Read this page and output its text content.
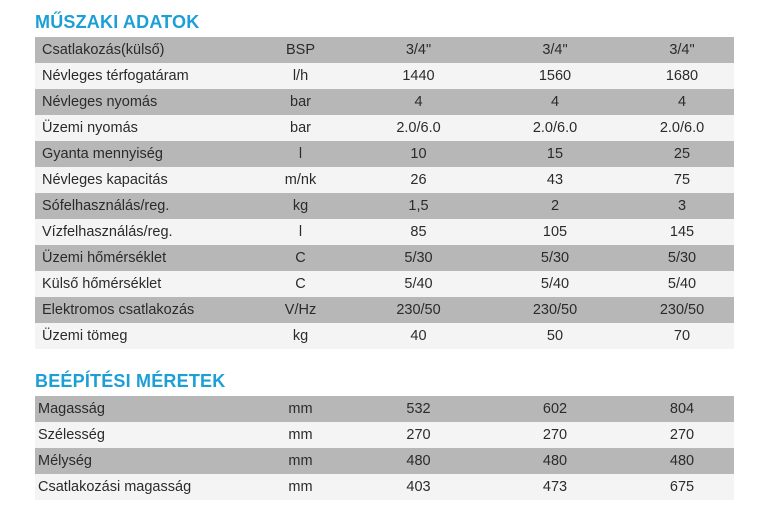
MŰSZAKI ADATOK
Csatlakozás(külső)	BSP	3/4"	3/4"	3/4"
Névleges térfogatáram	l/h	1440	1560	1680
Névleges nyomás	bar	4	4	4
Üzemi nyomás	bar	2.0/6.0	2.0/6.0	2.0/6.0
Gyanta mennyiség	l	10	15	25
Névleges kapacitás	m/nk	26	43	75
Sófelhasználás/reg.	kg	1,5	2	3
Vízfelhasználás/reg.	l	85	105	145
Üzemi hőmérséklet	C	5/30	5/30	5/30
Külső hőmérséklet	C	5/40	5/40	5/40
Elektromos csatlakozás	V/Hz	230/50	230/50	230/50
Üzemi tömeg	kg	40	50	70
BEÉPÍTÉSI MÉRETEK
Magasság	mm	532	602	804
Szélesség	mm	270	270	270
Mélység	mm	480	480	480
Csatlakozási magasság	mm	403	473	675
